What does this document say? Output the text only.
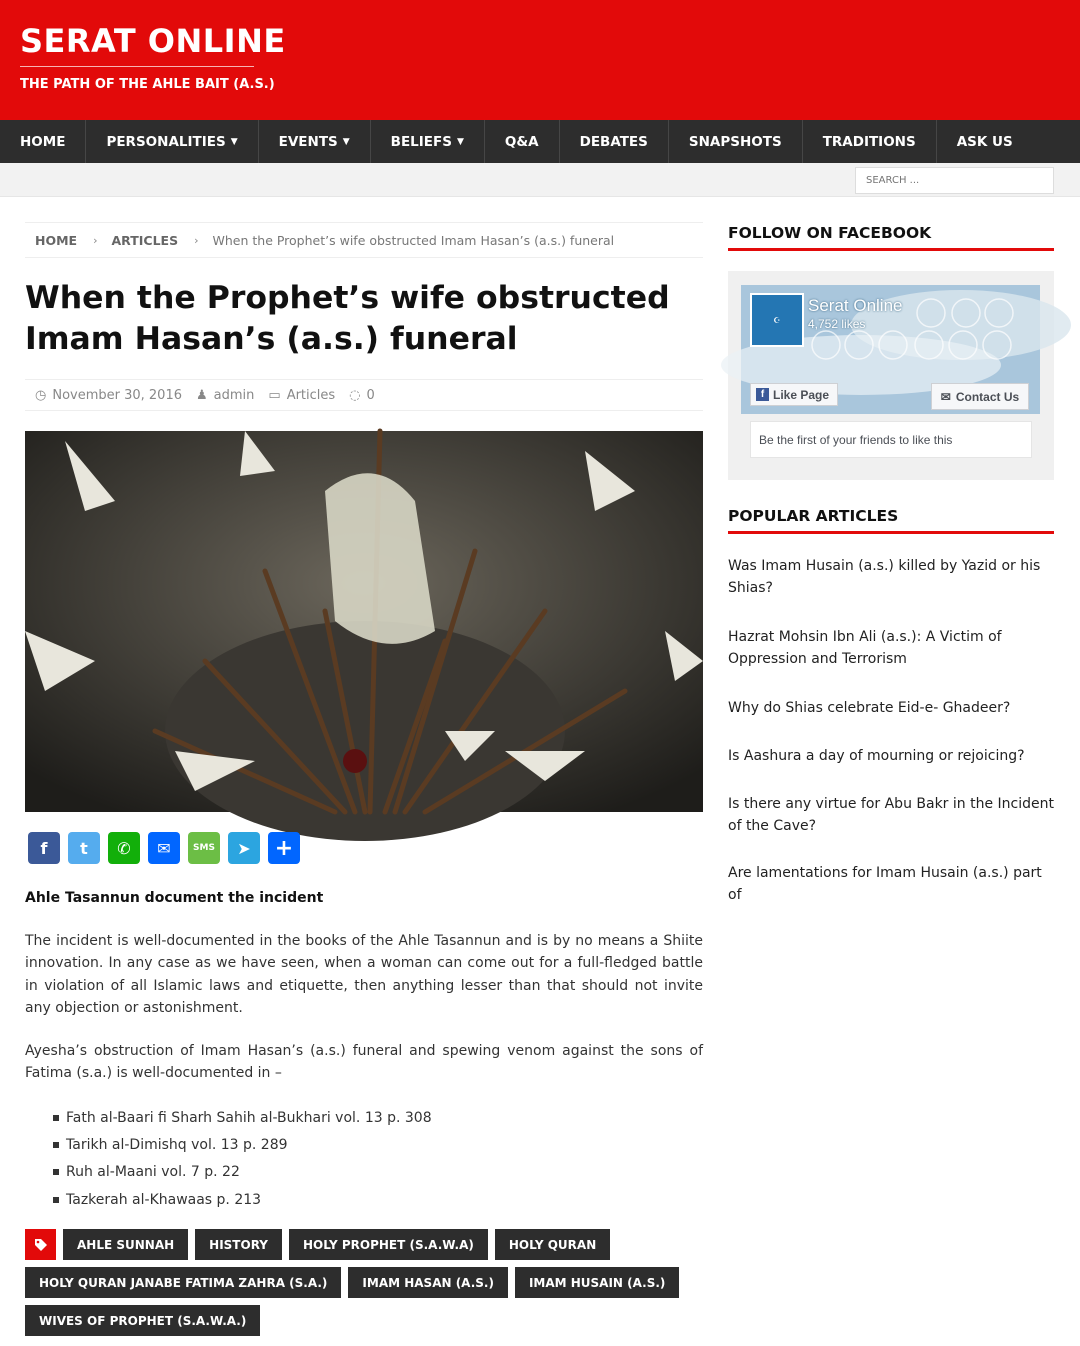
SERAT ONLINE
THE PATH OF THE AHLE BAIT (A.S.)
HOME	PERSONALITIES ▼	EVENTS ▼	BELIEFS ▼	Q&A	DEBATES	SNAPSHOTS	TRADITIONS	ASK US
SEARCH ...
HOME › ARTICLES › When the Prophet’s wife obstructed Imam Hasan’s (a.s.) funeral
When the Prophet’s wife obstructed Imam Hasan’s (a.s.) funeral
◷ November 30, 2016 ♟ admin ▭ Articles ◌ 0
f	t	✆	✉	SMS	➤	+
Ahle Tasannun document the incident

The incident is well-documented in the books of the Ahle Tasannun and is by no means a Shiite innovation. In any case as we have seen, when a woman can come out for a full-fledged battle in violation of all Islamic laws and etiquette, then anything lesser than that should not invite any objection or astonishment.

Ayesha’s obstruction of Imam Hasan’s (a.s.) funeral and spewing venom against the sons of Fatima (s.a.) is well-documented in –

Fath al-Baari fi Sharh Sahih al-Bukhari vol. 13 p. 308
Tarikh al-Dimishq vol. 13 p. 289
Ruh al-Maani vol. 7 p. 22
Tazkerah al-Khawaas p. 213
AHLE SUNNAH	HISTORY	HOLY PROPHET (S.A.W.A)	HOLY QURAN
HOLY QURAN JANABE FATIMA ZAHRA (S.A.)	IMAM HASAN (A.S.)	IMAM HUSAIN (A.S.)
WIVES OF PROPHET (S.A.W.A.)
FOLLOW ON FACEBOOK
☪
Serat Online
4,752 likes
f Like Page	✉ Contact Us
Be the first of your friends to like this
POPULAR ARTICLES
Was Imam Husain (a.s.) killed by Yazid or his Shias?
Hazrat Mohsin Ibn Ali (a.s.): A Victim of Oppression and Terrorism
Why do Shias celebrate Eid-e- Ghadeer?
Is Aashura a day of mourning or rejoicing?
Is there any virtue for Abu Bakr in the Incident of the Cave?
Are lamentations for Imam Husain (a.s.) part of
